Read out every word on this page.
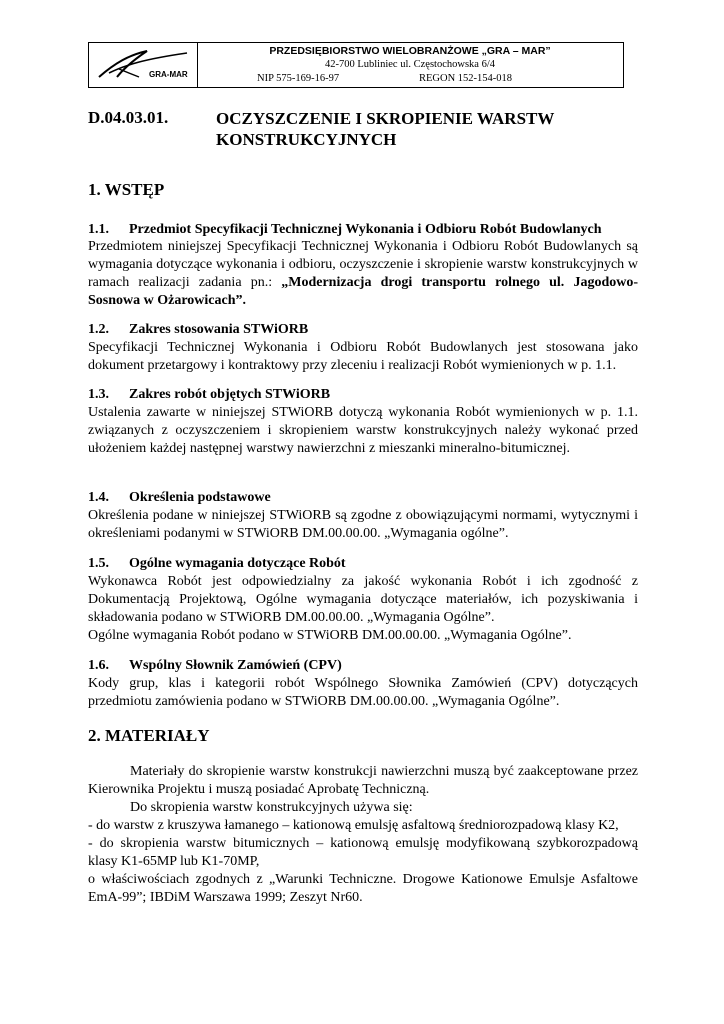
GRA-MAR
PRZEDSIĘBIORSTWO WIELOBRANŻOWE „GRA – MAR”
42-700 Lubliniec ul. Częstochowska 6/4
NIP 575-169-16-97	REGON 152-154-018
D.04.03.01.	OCZYSZCZENIE I SKROPIENIE WARSTW KONSTRUKCYJNYCH
1. WSTĘP
1.1. Przedmiot Specyfikacji Technicznej Wykonania i Odbioru Robót Budowlanych

Przedmiotem niniejszej Specyfikacji Technicznej Wykonania i Odbioru Robót Budowlanych są wymagania dotyczące wykonania i odbioru, oczyszczenie i skropienie warstw konstrukcyjnych w ramach realizacji zadania pn.: „Modernizacja drogi transportu rolnego ul. Jagodowo-Sosnowa w Ożarowicach”.

1.2. Zakres stosowania STWiORB

Specyfikacji Technicznej Wykonania i Odbioru Robót Budowlanych jest stosowana jako dokument przetargowy i kontraktowy przy zleceniu i realizacji Robót wymienionych w p. 1.1.

1.3. Zakres robót objętych STWiORB

Ustalenia zawarte w niniejszej STWiORB dotyczą wykonania Robót wymienionych w p. 1.1. związanych z oczyszczeniem i skropieniem warstw konstrukcyjnych należy wykonać przed ułożeniem każdej następnej warstwy nawierzchni z mieszanki mineralno-bitumicznej.

1.4. Określenia podstawowe

Określenia podane w niniejszej STWiORB są zgodne z obowiązującymi normami, wytycznymi i określeniami podanymi w STWiORB DM.00.00.00. „Wymagania ogólne”.

1.5. Ogólne wymagania dotyczące Robót

Wykonawca Robót jest odpowiedzialny za jakość wykonania Robót i ich zgodność z Dokumentacją Projektową, Ogólne wymagania dotyczące materiałów, ich pozyskiwania i składowania podano w STWiORB DM.00.00.00. „Wymagania Ogólne”.

Ogólne wymagania Robót podano w STWiORB DM.00.00.00. „Wymagania Ogólne”.

1.6. Wspólny Słownik Zamówień (CPV)

Kody grup, klas i kategorii robót Wspólnego Słownika Zamówień (CPV) dotyczących przedmiotu zamówienia podano w STWiORB DM.00.00.00. „Wymagania Ogólne”.

2. MATERIAŁY

Materiały do skropienie warstw konstrukcji nawierzchni muszą być zaakceptowane przez Kierownika Projektu i muszą posiadać Aprobatę Techniczną.

Do skropienia warstw konstrukcyjnych używa się:

- do warstw z kruszywa łamanego – kationową emulsję asfaltową średniorozpadową klasy K2,

- do skropienia warstw bitumicznych – kationową emulsję modyfikowaną szybkorozpadową klasy K1-65MP lub K1-70MP,

o właściwościach zgodnych z „Warunki Techniczne. Drogowe Kationowe Emulsje Asfaltowe EmA-99”; IBDiM Warszawa 1999; Zeszyt Nr60.
